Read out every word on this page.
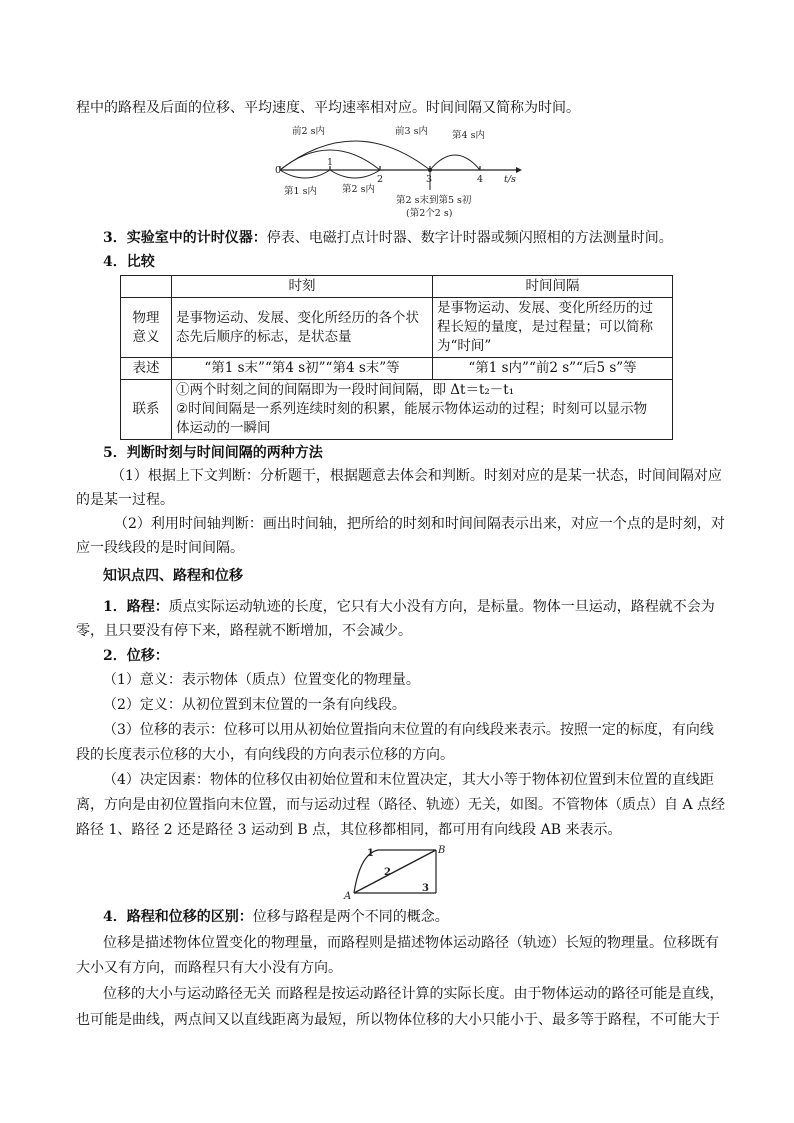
程中的路程及后面的位移、平均速度、平均速率相对应。时间间隔又简称为时间。
0
1
2	3	4 t/s
前2 s内	前3 s内	第4 s内
第1 s内	第2 s内
第2 s末到第5 s初
(第2个2 s)
3．实验室中的计时仪器：停表、电磁打点计时器、数字计时器或频闪照相的方法测量时间。
4．比较
	时刻	时间间隔
物理
意义	是事物运动、发展、变化所经历的各个状
态先后顺序的标志，是状态量	是事物运动、发展、变化所经历的过
程长短的量度，是过程量；可以简称
为“时间”
表述	“第1 s末”“第4 s初”“第4 s末”等	“第1 s内”“前2 s”“后5 s”等
联系	①两个时刻之间的间隔即为一段时间间隔，即 Δt＝t₂－t₁
②时间间隔是一系列连续时刻的积累，能展示物体运动的过程；时刻可以显示物
体运动的一瞬间	
5．判断时刻与时间间隔的两种方法
（1）根据上下文判断：分析题干，根据题意去体会和判断。时刻对应的是某一状态，时间间隔对应
的是某一过程。
（2）利用时间轴判断：画出时间轴，把所给的时刻和时间间隔表示出来，对应一个点的是时刻，对
应一段线段的是时间间隔。
知识点四、路程和位移
1．路程：质点实际运动轨迹的长度，它只有大小没有方向，是标量。物体一旦运动，路程就不会为
零，且只要没有停下来，路程就不断增加，不会减少。
2．位移：
（1）意义：表示物体（质点）位置变化的物理量。
（2）定义：从初位置到末位置的一条有向线段。
（3）位移的表示：位移可以用从初始位置指向末位置的有向线段来表示。按照一定的标度，有向线
段的长度表示位移的大小，有向线段的方向表示位移的方向。
（4）决定因素：物体的位移仅由初始位置和末位置决定，其大小等于物体初位置到末位置的直线距
离，方向是由初位置指向末位置，而与运动过程（路径、轨迹）无关，如图。不管物体（质点）自 A 点经
路径 1、路径 2 还是路径 3 运动到 B 点，其位移都相同，都可用有向线段 AB 来表示。
A
B
1
2
3
4．路程和位移的区别：位移与路程是两个不同的概念。
位移是描述物体位置变化的物理量，而路程则是描述物体运动路径（轨迹）长短的物理量。位移既有
大小又有方向，而路程只有大小没有方向。
位移的大小与运动路径无关 而路程是按运动路径计算的实际长度。由于物体运动的路径可能是直线，
也可能是曲线，两点间又以直线距离为最短，所以物体位移的大小只能小于、最多等于路程，不可能大于
